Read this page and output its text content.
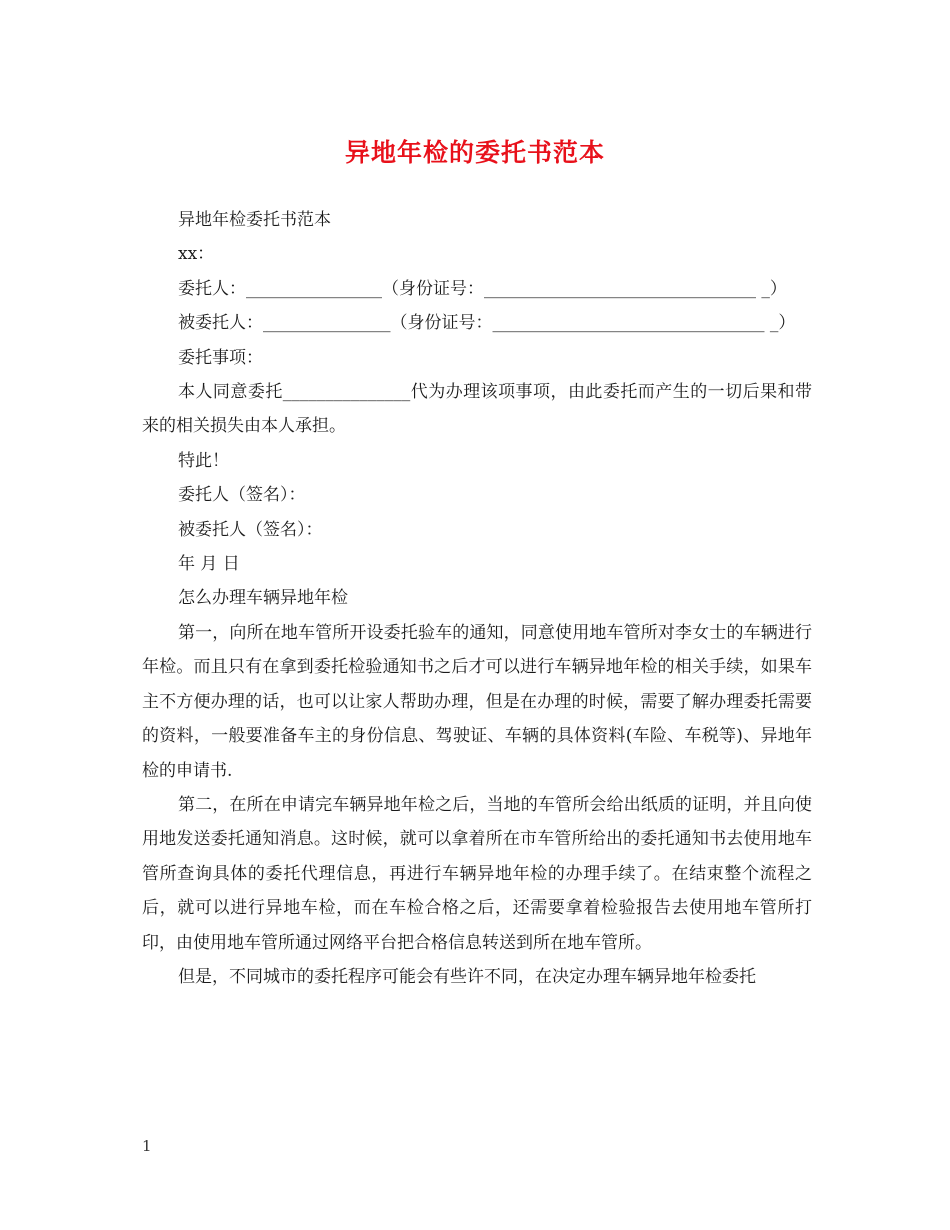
异地年检的委托书范本

异地年检委托书范本

xx：

委托人：________________（身份证号：________________________________ _）

被委托人：_______________（身份证号：________________________________ _）

委托事项：

本人同意委托_______________代为办理该项事项，由此委托而产生的一切后果和带来的相关损失由本人承担。

特此！

委托人（签名）：

被委托人（签名）：

年 月 日

怎么办理车辆异地年检

第一，向所在地车管所开设委托验车的通知，同意使用地车管所对李女士的车辆进行年检。而且只有在拿到委托检验通知书之后才可以进行车辆异地年检的相关手续，如果车主不方便办理的话，也可以让家人帮助办理，但是在办理的时候，需要了解办理委托需要的资料，一般要准备车主的身份信息、驾驶证、车辆的具体资料(车险、车税等)、异地年检的申请书.

第二，在所在申请完车辆异地年检之后，当地的车管所会给出纸质的证明，并且向使用地发送委托通知消息。这时候，就可以拿着所在市车管所给出的委托通知书去使用地车管所查询具体的委托代理信息，再进行车辆异地年检的办理手续了。在结束整个流程之后，就可以进行异地车检，而在车检合格之后，还需要拿着检验报告去使用地车管所打印，由使用地车管所通过网络平台把合格信息转送到所在地车管所。

但是，不同城市的委托程序可能会有些许不同，在决定办理车辆异地年检委托

1
